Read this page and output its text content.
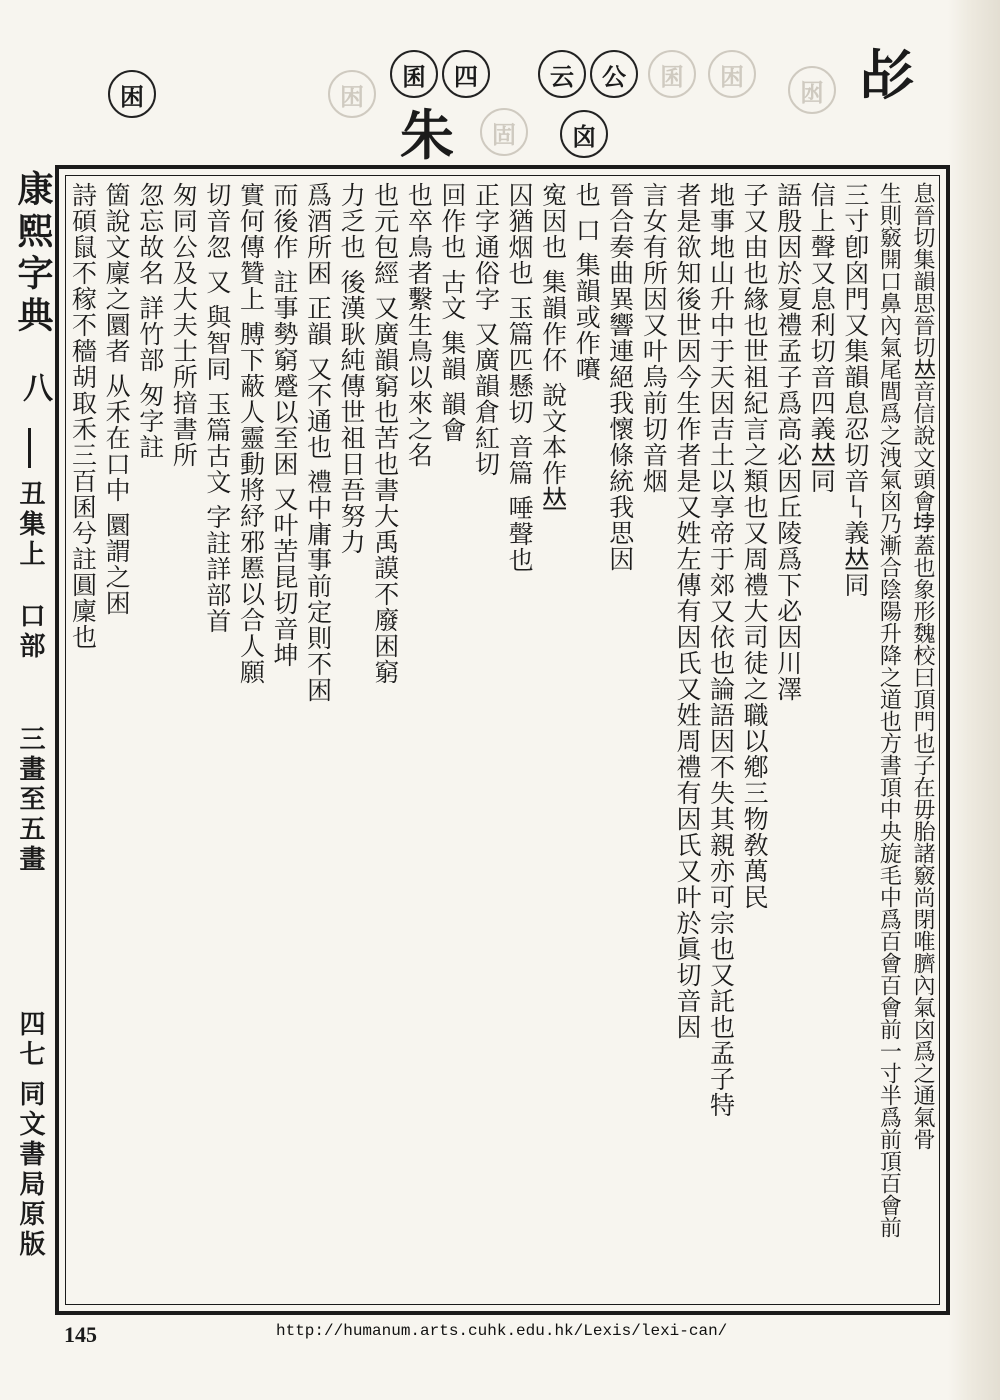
困	困
囷	四
朱	固
云	公
囟
囷	困
囦 㣌
康熙字典
八
丑集上
口部
三畫至五畫
四七
同文書局原版
息晉切集韻思晉切𠀤音信說文頭會𡋯蓋也象形魏校曰頂門也子在毋胎諸竅尚閉唯臍內氣囟爲之通氣骨
生則竅開口鼻內氣尾閭爲之洩氣囟乃漸合陰陽升降之道也方書頂中央旋毛中爲百會百會前一寸半爲前頂百會前
三寸卽囟門又集韻息忍切音𠃑義𠀤同
信上聲又息利切音四義𠀤同
語殷因於夏禮孟子爲高必因丘陵爲下必因川澤
子又由也緣也世祖紀言之類也又周禮大司徒之職以鄕三物敎萬民
地事地山升中于天因吉土以享帝于郊又依也論語因不失其親亦可宗也又託也孟子特
者是欲知後世因今生作者是又姓左傳有因氏又姓周禮有因氏又叶於眞切音因
言女有所因又叶烏前切音烟
晉合奏曲異響連絕我懷條統我思因
也 口 集韻或作㘔
寃因也 集韻作伓 說文本作𠀤
囚猶烟也 玉篇匹懸切 音篇 唾聲也
正字通俗字 又廣韻倉紅切
回作也 古文 集韻 韻會
也卒鳥者繫生鳥以來之名
也元包經 又廣韻窮也苦也書大禹謨不廢困窮
力乏也 後漢耿純傳世祖日吾努力
爲酒所困 正韻 又不通也 禮中庸事前定則不困
而後作 註事勢窮蹙以至困 又叶苦昆切音坤
實何傳贊上 膊下蔽人靈動將紓邪慝以合人願
切音忽 又 與智同 玉篇古文 字註詳部首
匆同公及大夫士所揞書所
忽忘故名 詳竹部 匆字註
箇說文廩之圜者 从禾在口中 圜謂之困
詩碩鼠不稼不穡胡取禾三百囷兮註圓廩也
145	http://humanum.arts.cuhk.edu.hk/Lexis/lexi-can/
